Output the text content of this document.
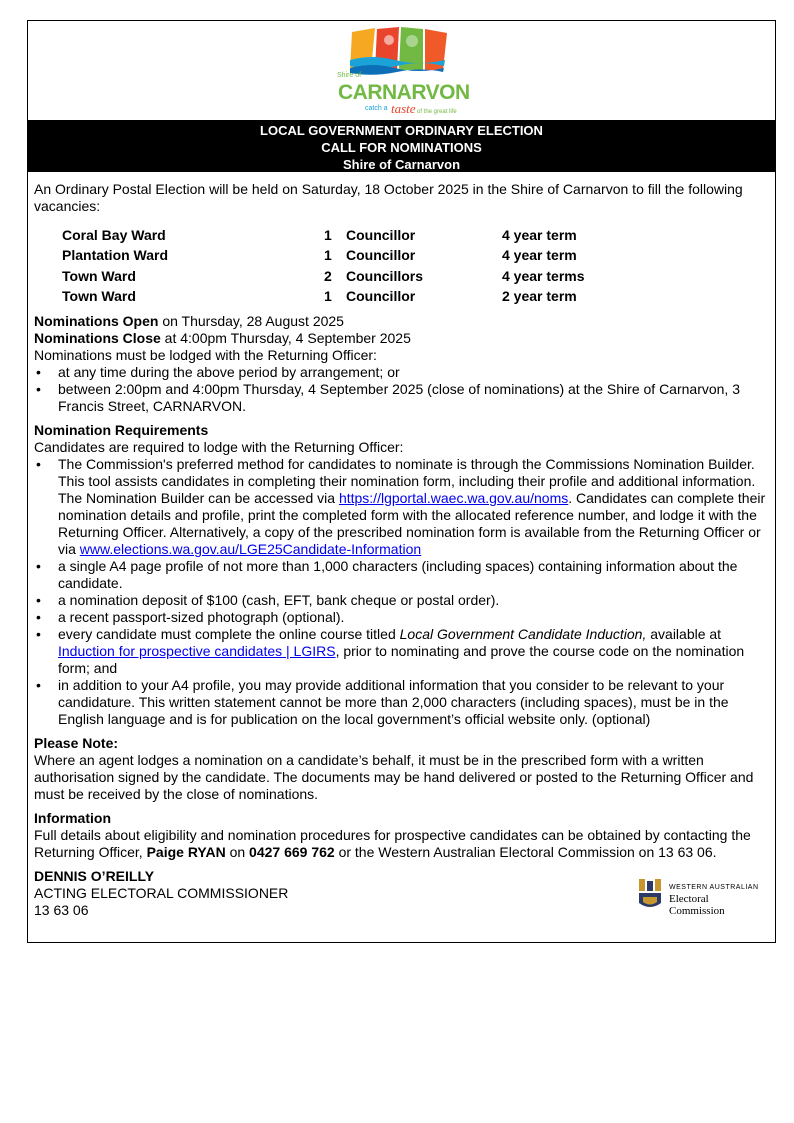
Shire of
CARNARVON
catch a taste of the great life
LOCAL GOVERNMENT ORDINARY ELECTION
CALL FOR NOMINATIONS
Shire of Carnarvon

An Ordinary Postal Election will be held on Saturday, 18 October 2025 in the Shire of Carnarvon to fill the following vacancies:

Coral Bay Ward	1	Councillor	4 year term
Plantation Ward	1	Councillor	4 year term
Town Ward	2	Councillors	4 year terms
Town Ward	1	Councillor	2 year term

Nominations Open on Thursday, 28 August 2025

Nominations Close at 4:00pm Thursday, 4 September 2025

Nominations must be lodged with the Returning Officer:

• at any time during the above period by arrangement; or
• between 2:00pm and 4:00pm Thursday, 4 September 2025 (close of nominations) at the Shire of Carnarvon, 3 Francis Street, CARNARVON.

Nomination Requirements

Candidates are required to lodge with the Returning Officer:

• The Commission's preferred method for candidates to nominate is through the Commissions Nomination Builder. This tool assists candidates in completing their nomination form, including their profile and additional information. The Nomination Builder can be accessed via https://lgportal.waec.wa.gov.au/noms. Candidates can complete their nomination details and profile, print the completed form with the allocated reference number, and lodge it with the Returning Officer. Alternatively, a copy of the prescribed nomination form is available from the Returning Officer or via www.elections.wa.gov.au/LGE25Candidate-Information
• a single A4 page profile of not more than 1,000 characters (including spaces) containing information about the candidate.
• a nomination deposit of $100 (cash, EFT, bank cheque or postal order).
• a recent passport-sized photograph (optional).
• every candidate must complete the online course titled Local Government Candidate Induction, available at Induction for prospective candidates | LGIRS, prior to nominating and prove the course code on the nomination form; and
• in addition to your A4 profile, you may provide additional information that you consider to be relevant to your candidature. This written statement cannot be more than 2,000 characters (including spaces), must be in the English language and is for publication on the local government’s official website only. (optional)

Please Note:

Where an agent lodges a nomination on a candidate’s behalf, it must be in the prescribed form with a written authorisation signed by the candidate. The documents may be hand delivered or posted to the Returning Officer and must be received by the close of nominations.

Information

Full details about eligibility and nomination procedures for prospective candidates can be obtained by contacting the Returning Officer, Paige RYAN on 0427 669 762 or the Western Australian Electoral Commission on 13 63 06.

DENNIS O’REILLY

ACTING ELECTORAL COMMISSIONER

13 63 06

WESTERN AUSTRALIAN
Electoral Commission
